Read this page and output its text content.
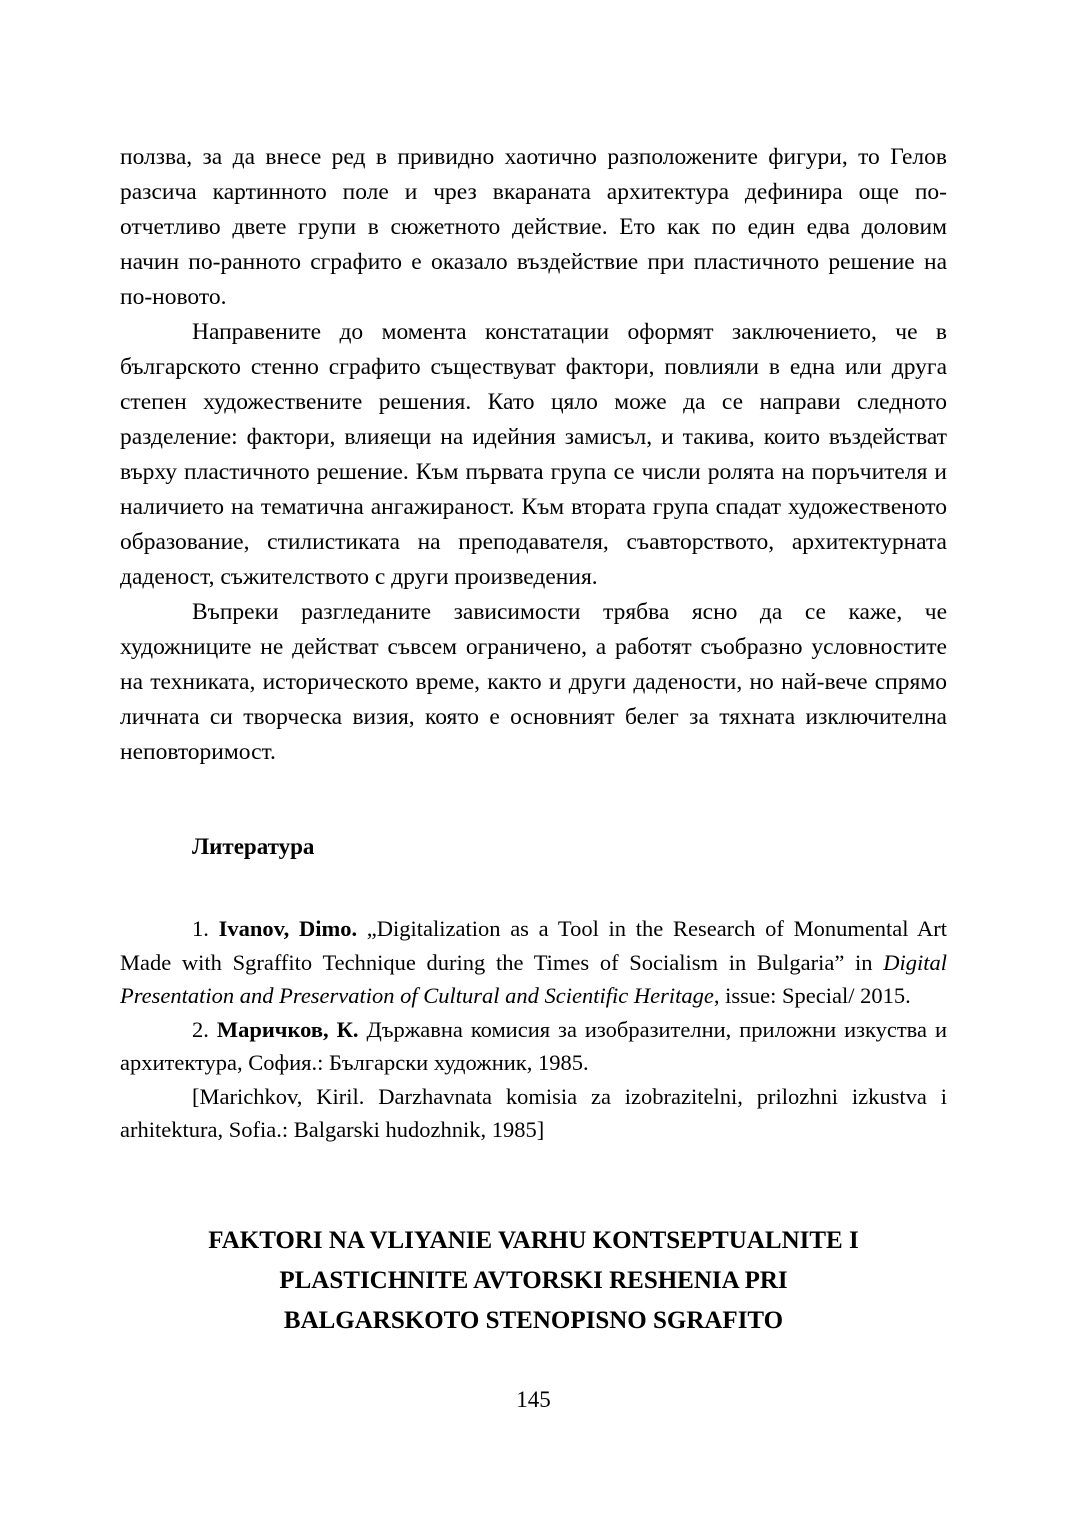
ползва, за да внесе ред в привидно хаотично разположените фигури, то Гелов разсича картинното поле и чрез вкараната архитектура дефинира още по-отчетливо двете групи в сюжетното действие. Ето как по един едва доловим начин по-ранното сграфито е оказало въздействие при пластичното решение на по-новото.

Направените до момента констатации оформят заключението, че в българското стенно сграфито съществуват фактори, повлияли в една или друга степен художествените решения. Като цяло може да се направи следното разделение: фактори, влияещи на идейния замисъл, и такива, които въздействат върху пластичното решение. Към първата група се числи ролята на поръчителя и наличието на тематична ангажираност. Към втората група спадат художественото образование, стилистиката на преподавателя, съавторството, архитектурната даденост, съжителството с други произведения.

Въпреки разгледаните зависимости трябва ясно да се каже, че художниците не действат съвсем ограничено, а работят съобразно условностите на техниката, историческото време, както и други дадености, но най-вече спрямо личната си творческа визия, която е основният белег за тяхната изключителна неповторимост.

Литература

1. Ivanov, Dimo. „Digitalization as a Tool in the Research of Monumental Art Made with Sgraffito Technique during the Times of Socialism in Bulgaria” in Digital Presentation and Preservation of Cultural and Scientific Heritage, issue: Special/ 2015.

2. Маричков, К. Държавна комисия за изобразителни, приложни изкуства и архитектура, София.: Български художник, 1985.

[Marichkov, Kiril. Darzhavnata komisia za izobrazitelni, prilozhni izkustva i arhitektura, Sofia.: Balgarski hudozhnik, 1985]

FAKTORI NA VLIYANIE VARHU KONTSEPTUALNITE I
PLASTICHNITE AVTORSKI RESHENIA PRI
BALGARSKOTO STENOPISNO SGRAFITO
145
